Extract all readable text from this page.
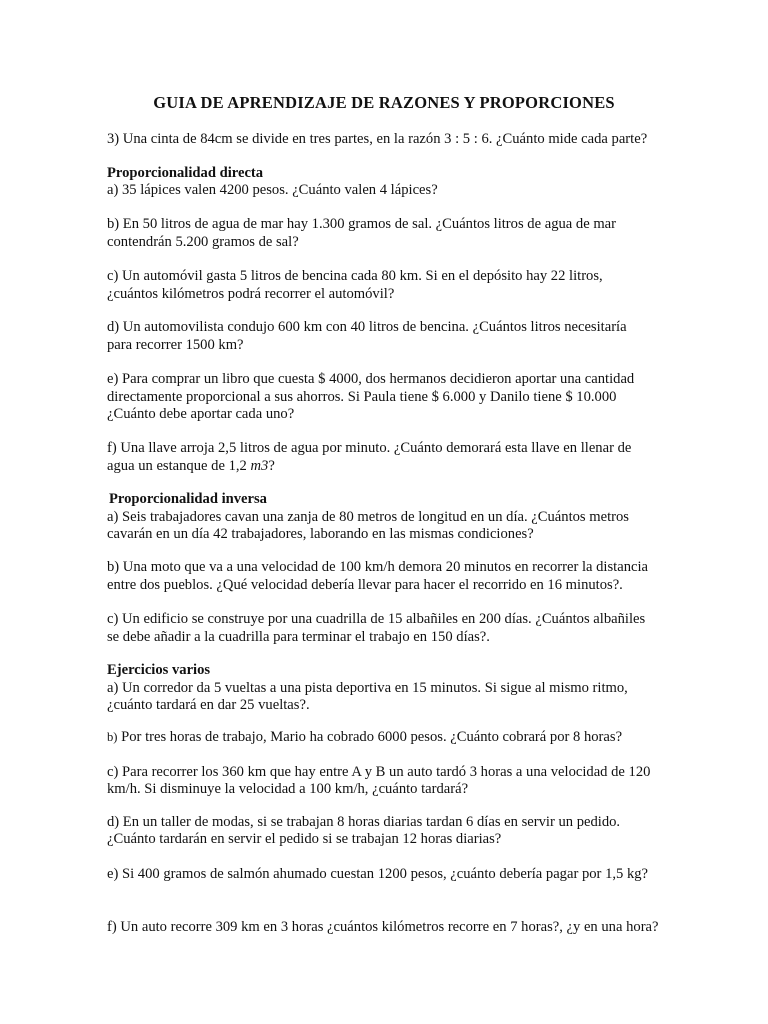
GUIA DE APRENDIZAJE DE RAZONES Y PROPORCIONES

3) Una cinta de 84cm se divide en tres partes, en la razón 3 : 5 : 6. ¿Cuánto mide cada parte?

Proporcionalidad directa

a) 35 lápices valen 4200 pesos. ¿Cuánto valen 4 lápices?

b) En 50 litros de agua de mar hay 1.300 gramos de sal. ¿Cuántos litros de agua de mar

contendrán 5.200 gramos de sal?

c) Un automóvil gasta 5 litros de bencina cada 80 km. Si en el depósito hay 22 litros,

¿cuántos kilómetros podrá recorrer el automóvil?

d) Un automovilista condujo 600 km con 40 litros de bencina. ¿Cuántos litros necesitaría

para recorrer 1500 km?

e) Para comprar un libro que cuesta $ 4000, dos hermanos decidieron aportar una cantidad

directamente proporcional a sus ahorros. Si Paula tiene $ 6.000 y Danilo tiene $ 10.000

¿Cuánto debe aportar cada uno?

f) Una llave arroja 2,5 litros de agua por minuto. ¿Cuánto demorará esta llave en llenar de

agua un estanque de 1,2 m3?

Proporcionalidad inversa

a) Seis trabajadores cavan una zanja de 80 metros de longitud en un día. ¿Cuántos metros

cavarán en un día 42 trabajadores, laborando en las mismas condiciones?

b) Una moto que va a una velocidad de 100 km/h demora 20 minutos en recorrer la distancia

entre dos pueblos. ¿Qué velocidad debería llevar para hacer el recorrido en 16 minutos?.

c) Un edificio se construye por una cuadrilla de 15 albañiles en 200 días. ¿Cuántos albañiles

se debe añadir a la cuadrilla para terminar el trabajo en 150 días?.

Ejercicios varios

a) Un corredor da 5 vueltas a una pista deportiva en 15 minutos. Si sigue al mismo ritmo,

¿cuánto tardará en dar 25 vueltas?.

b) Por tres horas de trabajo, Mario ha cobrado 6000 pesos. ¿Cuánto cobrará por 8 horas?

c) Para recorrer los 360 km que hay entre A y B un auto tardó 3 horas a una velocidad de 120

km/h. Si disminuye la velocidad a 100 km/h, ¿cuánto tardará?

d) En un taller de modas, si se trabajan 8 horas diarias tardan 6 días en servir un pedido.

¿Cuánto tardarán en servir el pedido si se trabajan 12 horas diarias?

e) Si 400 gramos de salmón ahumado cuestan 1200 pesos, ¿cuánto debería pagar por 1,5 kg?

f) Un auto recorre 309 km en 3 horas ¿cuántos kilómetros recorre en 7 horas?, ¿y en una hora?
